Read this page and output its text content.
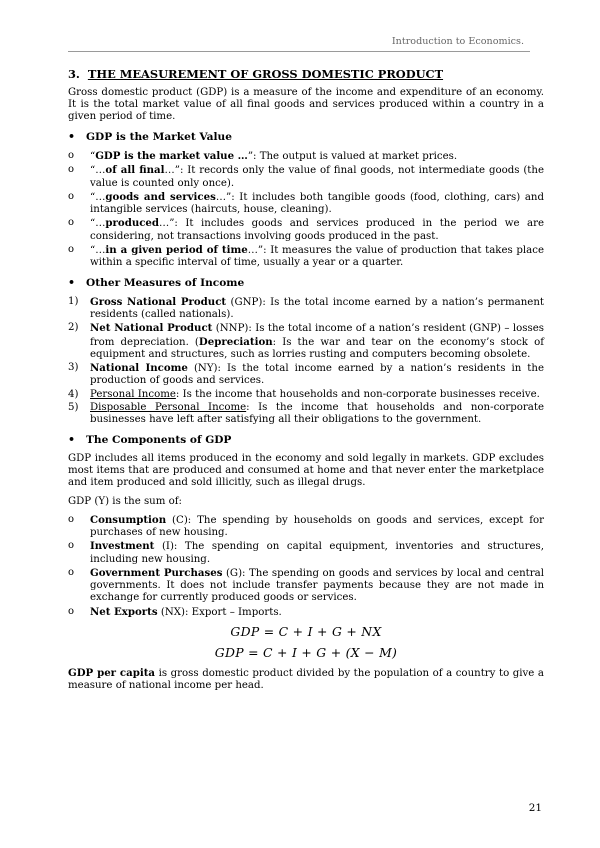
Introduction to Economics.
3. THE MEASUREMENT OF GROSS DOMESTIC PRODUCT

Gross domestic product (GDP) is a measure of the income and expenditure of an economy. It is the total market value of all final goods and services produced within a country in a given period of time.

•	GDP is the Market Value
o	“GDP is the market value …”: The output is valued at market prices.
o	“…of all final…”: It records only the value of final goods, not intermediate goods (the value is counted only once).
o	“…goods and services…”: It includes both tangible goods (food, clothing, cars) and intangible services (haircuts, house, cleaning).
o	“…produced…”: It includes goods and services produced in the period we are considering, not transactions involving goods produced in the past.
o	“…in a given period of time…”: It measures the value of production that takes place within a specific interval of time, usually a year or a quarter.
•	Other Measures of Income
1)	Gross National Product (GNP): Is the total income earned by a nation’s permanent residents (called nationals).
2)	Net National Product (NNP): Is the total income of a nation’s resident (GNP) – losses from depreciation. (Depreciation: Is the war and tear on the economy’s stock of equipment and structures, such as lorries rusting and computers becoming obsolete.
3)	National Income (NY): Is the total income earned by a nation’s residents in the production of goods and services.
4)	Personal Income: Is the income that households and non-corporate businesses receive.
5)	Disposable Personal Income: Is the income that households and non-corporate businesses have left after satisfying all their obligations to the government.
•	The Components of GDP

GDP includes all items produced in the economy and sold legally in markets. GDP excludes most items that are produced and consumed at home and that never enter the marketplace and item produced and sold illicitly, such as illegal drugs.

GDP (Y) is the sum of:

o	Consumption (C): The spending by households on goods and services, except for purchases of new housing.
o	Investment (I): The spending on capital equipment, inventories and structures, including new housing.
o	Government Purchases (G): The spending on goods and services by local and central governments. It does not include transfer payments because they are not made in exchange for currently produced goods or services.
o	Net Exports (NX): Export – Imports.
GDP = C + I + G + NX
GDP = C + I + G + (X − M)

GDP per capita is gross domestic product divided by the population of a country to give a measure of national income per head.

21
